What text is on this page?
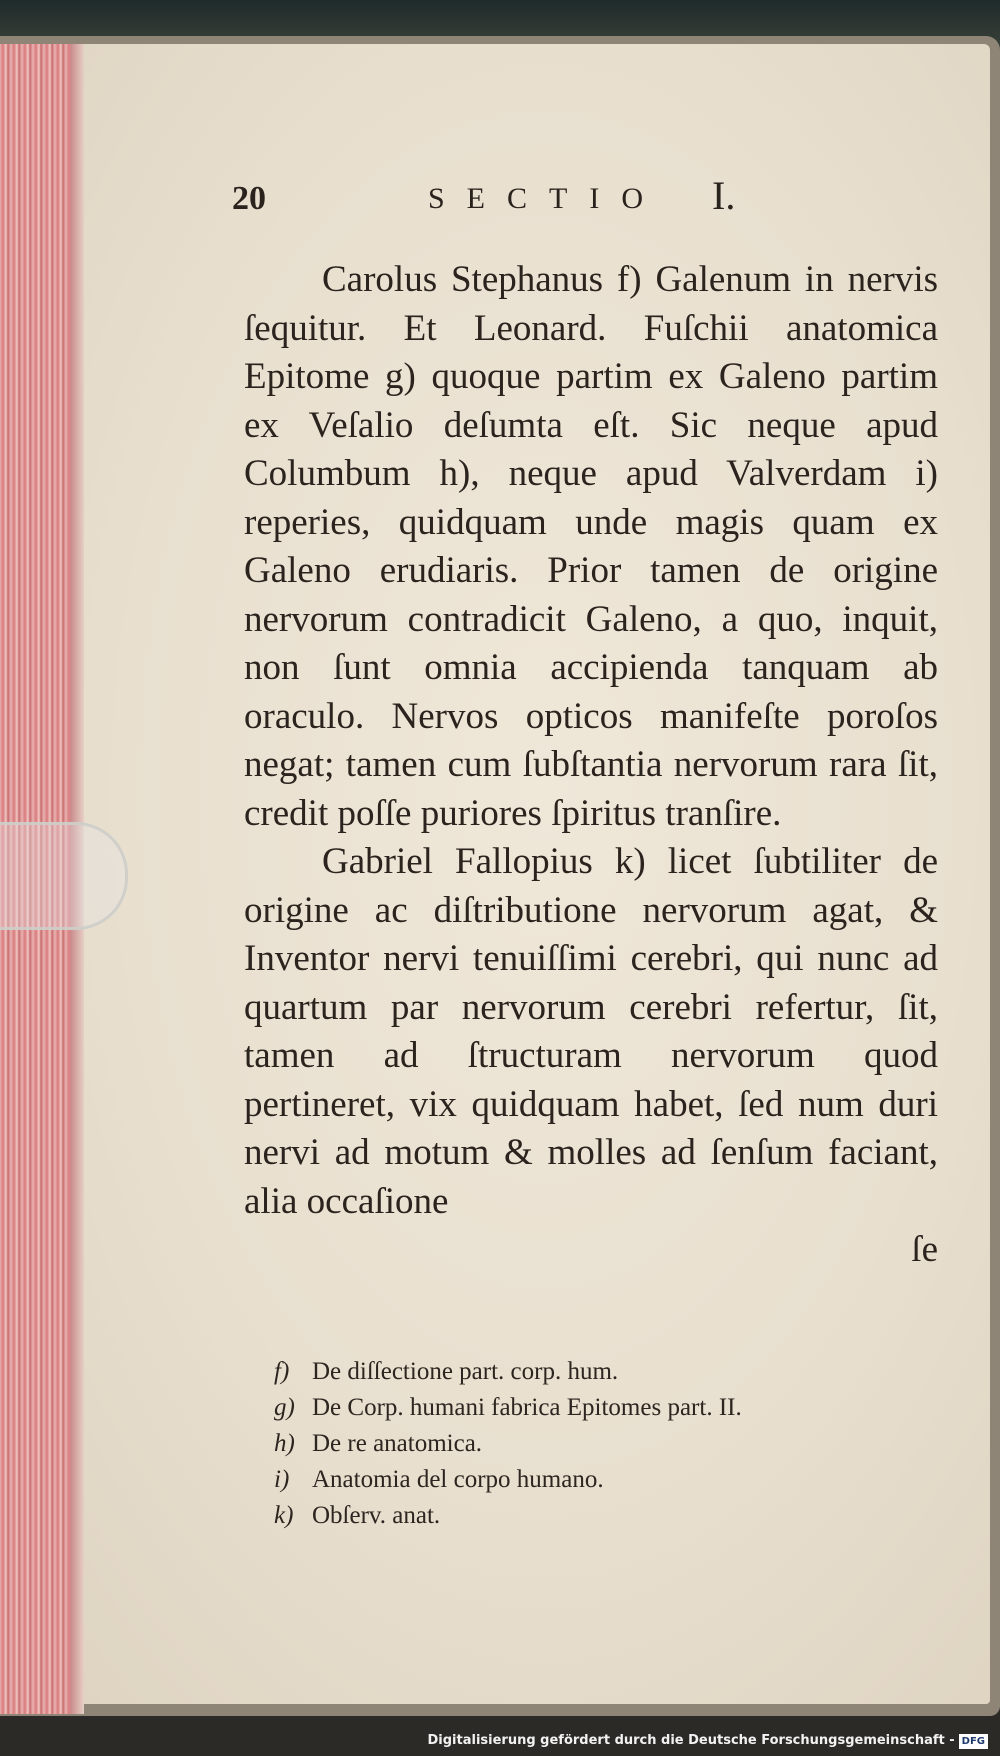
20	SECTIO I.

Carolus Stephanus f) Galenum in nervis ſequitur. Et Leonard. Fuſchii anatomica Epitome g) quoque partim ex Galeno partim ex Veſalio deſumta eſt. Sic neque apud Columbum h), neque apud Valverdam i) reperies, quidquam unde magis quam ex Galeno erudiaris. Prior tamen de origine nervorum contradicit Galeno, a quo, inquit, non ſunt omnia accipienda tanquam ab oraculo. Nervos opticos manifeſte poroſos negat; tamen cum ſubſtantia nervorum rara ſit, credit poſſe puriores ſpiritus tranſire.

Gabriel Fallopius k) licet ſubtiliter de origine ac diſtributione nervorum agat, & Inventor nervi tenuiſſimi cerebri, qui nunc ad quartum par nervorum cerebri refertur, ſit, tamen ad ſtructuram nervorum quod pertineret, vix quidquam habet, ſed num duri nervi ad motum & molles ad ſenſum faciant, alia occaſione

ſe

f) De diſſectione part. corp. hum.

g) De Corp. humani fabrica Epitomes part. II.

h) De re anatomica.

i) Anatomia del corpo humano.

k) Obſerv. anat.

Digitalisierung gefördert durch die Deutsche Forschungsgemeinschaft - DFG
